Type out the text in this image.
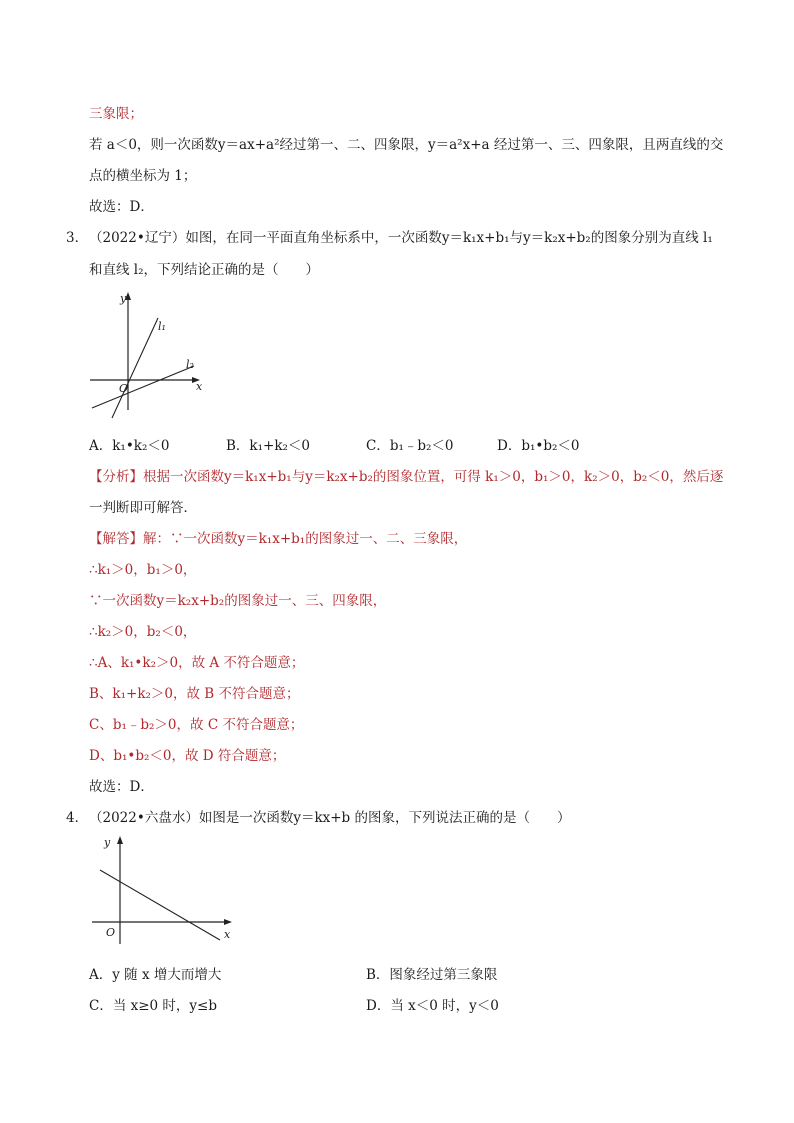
三象限；
若 a＜0，则一次函数y＝ax+a²经过第一、二、四象限，y＝a²x+a 经过第一、三、四象限，且两直线的交
点的横坐标为 1；
故选：D．
3． （2022•辽宁）如图，在同一平面直角坐标系中，一次函数y＝k₁x+b₁与y＝k₂x+b₂的图象分别为直线 l₁
和直线 l₂，下列结论正确的是（　　）
y
x
O
l₁
l₂
A．k₁•k₂＜0	B．k₁+k₂＜0	C．b₁﹣b₂＜0	D．b₁•b₂＜0
【分析】根据一次函数y＝k₁x+b₁与y＝k₂x+b₂的图象位置，可得 k₁＞0，b₁＞0，k₂＞0，b₂＜0，然后逐
一判断即可解答．
【解答】解：∵一次函数y＝k₁x+b₁的图象过一、二、三象限，
∴k₁＞0，b₁＞0，
∵一次函数y＝k₂x+b₂的图象过一、三、四象限，
∴k₂＞0，b₂＜0，
∴A、k₁•k₂＞0，故 A 不符合题意；
B、k₁+k₂＞0，故 B 不符合题意；
C、b₁﹣b₂＞0，故 C 不符合题意；
D、b₁•b₂＜0，故 D 符合题意；
故选：D．
4． （2022•六盘水）如图是一次函数y＝kx+b 的图象，下列说法正确的是（　　）
y
x
O
A．y 随 x 增大而增大	B．图象经过第三象限
C．当 x≥0 时，y≤b	D．当 x＜0 时，y＜0
